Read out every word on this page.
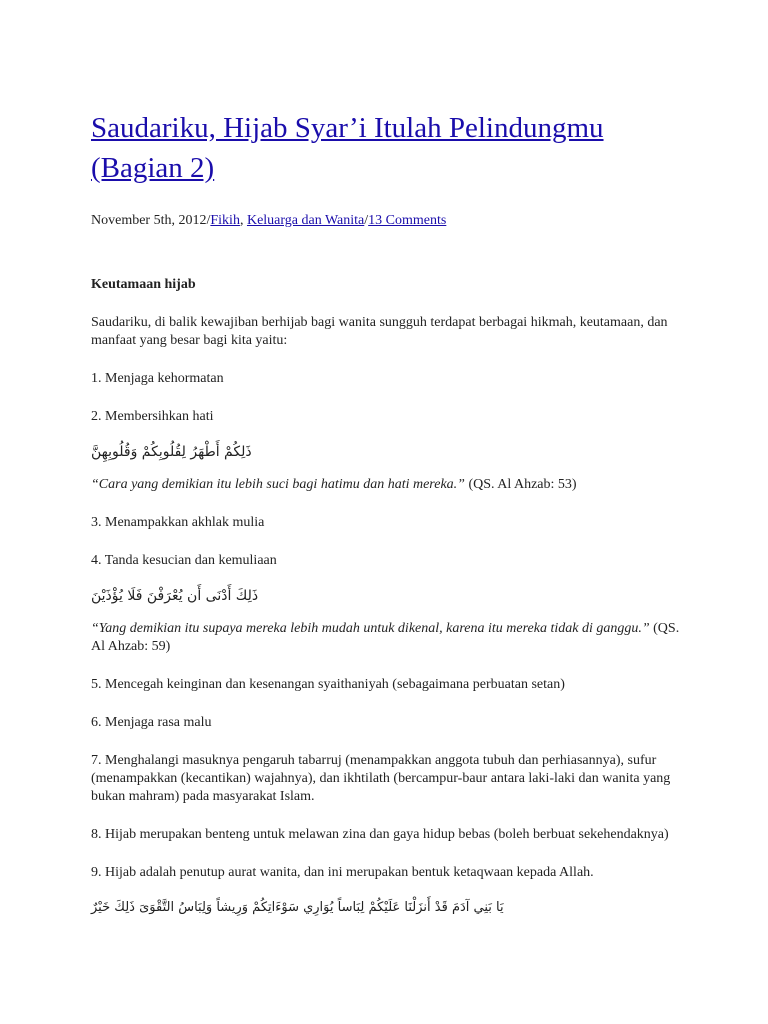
Saudariku, Hijab Syar’i Itulah Pelindungmu (Bagian 2)
November 5th, 2012/Fikih, Keluarga dan Wanita/13 Comments
Keutamaan hijab
Saudariku, di balik kewajiban berhijab bagi wanita sungguh terdapat berbagai hikmah, keutamaan, dan manfaat yang besar bagi kita yaitu:
1. Menjaga kehormatan
2. Membersihkan hati
ذَلِكُمْ أَطْهَرُ لِقُلُوبِكُمْ وَقُلُوبِهِنَّ
“Cara yang demikian itu lebih suci bagi hatimu dan hati mereka.” (QS. Al Ahzab: 53)
3. Menampakkan akhlak mulia
4. Tanda kesucian dan kemuliaan
ذَلِكَ أَدْنَى أَن يُعْرَفْنَ فَلَا يُؤْذَيْنَ
“Yang demikian itu supaya mereka lebih mudah untuk dikenal, karena itu mereka tidak di ganggu.” (QS. Al Ahzab: 59)
5. Mencegah keinginan dan kesenangan syaithaniyah (sebagaimana perbuatan setan)
6. Menjaga rasa malu
7. Menghalangi masuknya pengaruh tabarruj (menampakkan anggota tubuh dan perhiasannya), sufur (menampakkan (kecantikan) wajahnya), dan ikhtilath (bercampur-baur antara laki-laki dan wanita yang bukan mahram) pada masyarakat Islam.
8. Hijab merupakan benteng untuk melawan zina dan gaya hidup bebas (boleh berbuat sekehendaknya)
9. Hijab adalah penutup aurat wanita, dan ini merupakan bentuk ketaqwaan kepada Allah.
يَا بَنِي آدَمَ قَدْ أَنزَلْنَا عَلَيْكُمْ لِبَاساً يُوَارِي سَوْءَاتِكُمْ وَرِيشاً وَلِبَاسُ التَّقْوَىَ ذَلِكَ خَيْرٌ
